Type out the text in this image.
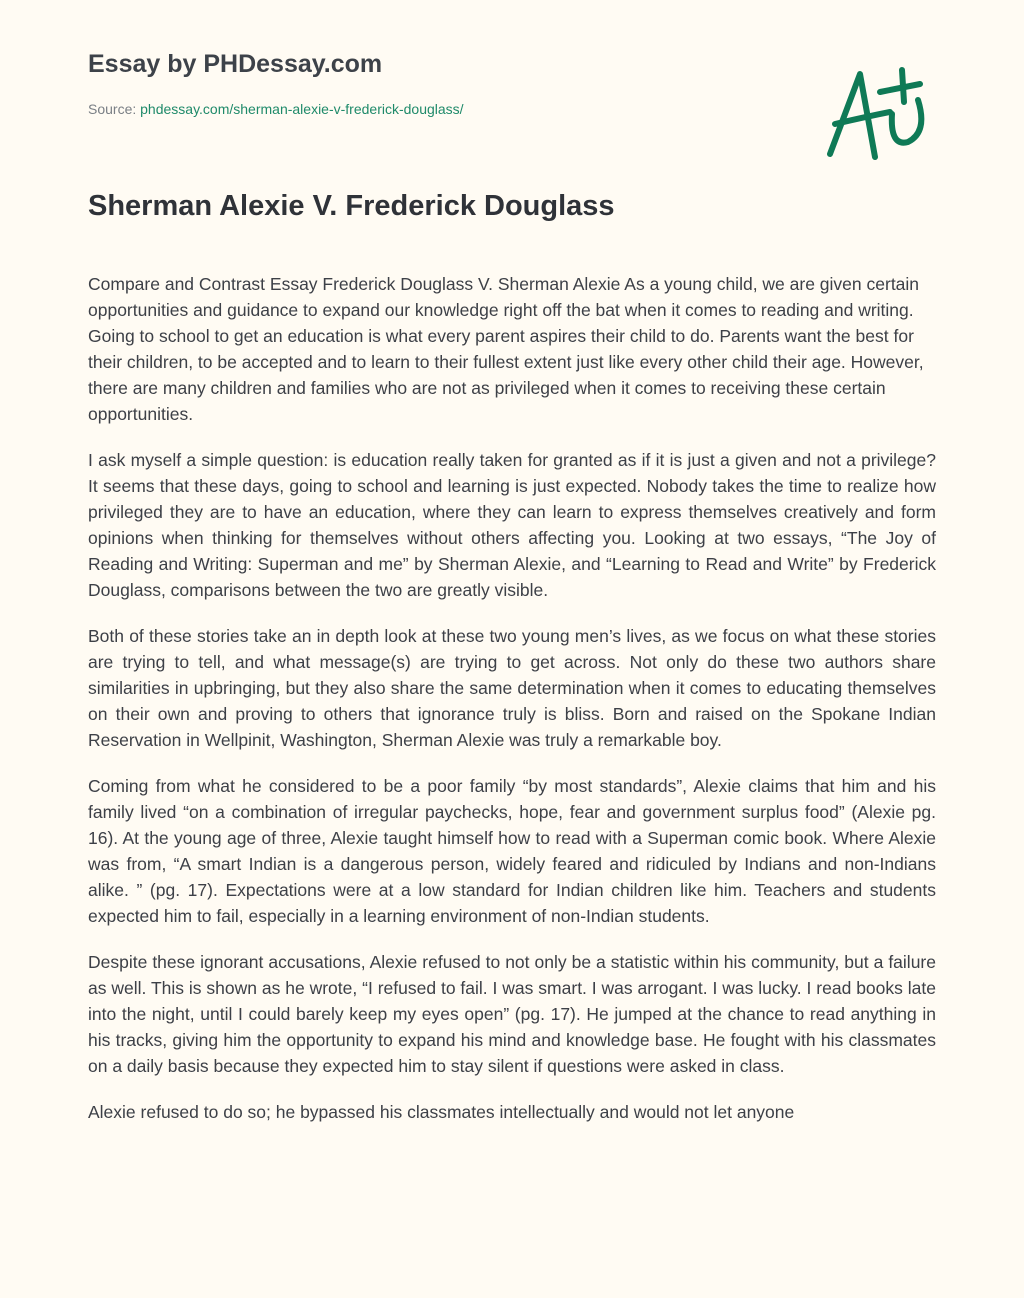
Essay by PHDessay.com
Source: phdessay.com/sherman-alexie-v-frederick-douglass/
Sherman Alexie V. Frederick Douglass

Compare and Contrast Essay Frederick Douglass V. Sherman Alexie As a young child, we are given certain opportunities and guidance to expand our knowledge right off the bat when it comes to reading and writing. Going to school to get an education is what every parent aspires their child to do. Parents want the best for their children, to be accepted and to learn to their fullest extent just like every other child their age. However, there are many children and families who are not as privileged when it comes to receiving these certain opportunities.

I ask myself a simple question: is education really taken for granted as if it is just a given and not a privilege? It seems that these days, going to school and learning is just expected. Nobody takes the time to realize how privileged they are to have an education, where they can learn to express themselves creatively and form opinions when thinking for themselves without others affecting you. Looking at two essays, “The Joy of Reading and Writing: Superman and me” by Sherman Alexie, and “Learning to Read and Write” by Frederick Douglass, comparisons between the two are greatly visible.

Both of these stories take an in depth look at these two young men’s lives, as we focus on what these stories are trying to tell, and what message(s) are trying to get across. Not only do these two authors share similarities in upbringing, but they also share the same determination when it comes to educating themselves on their own and proving to others that ignorance truly is bliss. Born and raised on the Spokane Indian Reservation in Wellpinit, Washington, Sherman Alexie was truly a remarkable boy.

Coming from what he considered to be a poor family “by most standards”, Alexie claims that him and his family lived “on a combination of irregular paychecks, hope, fear and government surplus food” (Alexie pg. 16). At the young age of three, Alexie taught himself how to read with a Superman comic book. Where Alexie was from, “A smart Indian is a dangerous person, widely feared and ridiculed by Indians and non-Indians alike. ” (pg. 17). Expectations were at a low standard for Indian children like him. Teachers and students expected him to fail, especially in a learning environment of non-Indian students.

Despite these ignorant accusations, Alexie refused to not only be a statistic within his community, but a failure as well. This is shown as he wrote, “I refused to fail. I was smart. I was arrogant. I was lucky. I read books late into the night, until I could barely keep my eyes open” (pg. 17). He jumped at the chance to read anything in his tracks, giving him the opportunity to expand his mind and knowledge base. He fought with his classmates on a daily basis because they expected him to stay silent if questions were asked in class.

Alexie refused to do so; he bypassed his classmates intellectually and would not let anyone
